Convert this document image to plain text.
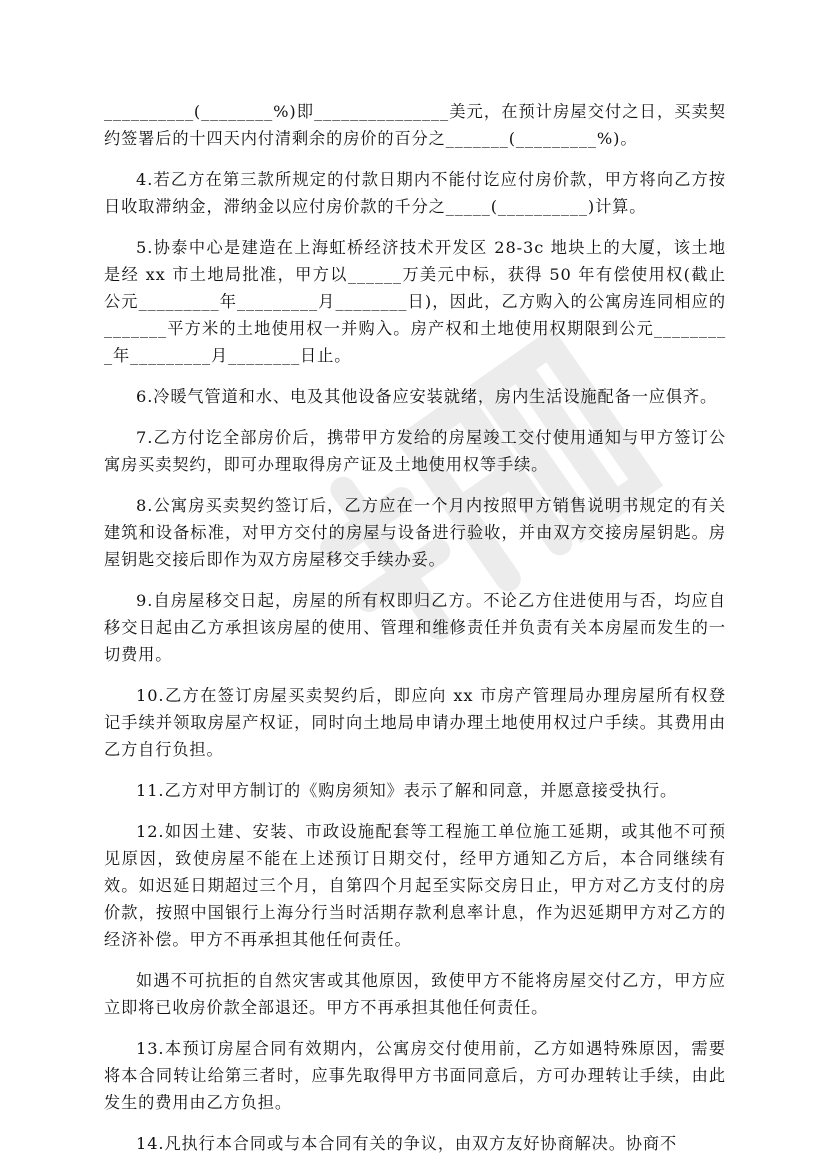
__________(________%)即_______________美元，在预计房屋交付之日，买卖契约签署后的十四天内付清剩余的房价的百分之_______(_________%)。

4.若乙方在第三款所规定的付款日期内不能付讫应付房价款，甲方将向乙方按日收取滞纳金，滞纳金以应付房价款的千分之_____(__________)计算。

5.协泰中心是建造在上海虹桥经济技术开发区 28-3c 地块上的大厦，该土地是经 xx 市土地局批准，甲方以______万美元中标，获得 50 年有偿使用权(截止公元_________年_________月________日)，因此，乙方购入的公寓房连同相应的_______平方米的土地使用权一并购入。房产权和土地使用权期限到公元_________年_________月________日止。

6.冷暖气管道和水、电及其他设备应安装就绪，房内生活设施配备一应俱齐。

7.乙方付讫全部房价后，携带甲方发给的房屋竣工交付使用通知与甲方签订公寓房买卖契约，即可办理取得房产证及土地使用权等手续。

8.公寓房买卖契约签订后，乙方应在一个月内按照甲方销售说明书规定的有关建筑和设备标准，对甲方交付的房屋与设备进行验收，并由双方交接房屋钥匙。房屋钥匙交接后即作为双方房屋移交手续办妥。

9.自房屋移交日起，房屋的所有权即归乙方。不论乙方住进使用与否，均应自移交日起由乙方承担该房屋的使用、管理和维修责任并负责有关本房屋而发生的一切费用。

10.乙方在签订房屋买卖契约后，即应向 xx 市房产管理局办理房屋所有权登记手续并领取房屋产权证，同时向土地局申请办理土地使用权过户手续。其费用由乙方自行负担。

11.乙方对甲方制订的《购房须知》表示了解和同意，并愿意接受执行。

12.如因土建、安装、市政设施配套等工程施工单位施工延期，或其他不可预见原因，致使房屋不能在上述预订日期交付，经甲方通知乙方后，本合同继续有效。如迟延日期超过三个月，自第四个月起至实际交房日止，甲方对乙方支付的房价款，按照中国银行上海分行当时活期存款利息率计息，作为迟延期甲方对乙方的经济补偿。甲方不再承担其他任何责任。

如遇不可抗拒的自然灾害或其他原因，致使甲方不能将房屋交付乙方，甲方应立即将已收房价款全部退还。甲方不再承担其他任何责任。

13.本预订房屋合同有效期内，公寓房交付使用前，乙方如遇特殊原因，需要将本合同转让给第三者时，应事先取得甲方书面同意后，方可办理转让手续，由此发生的费用由乙方负担。

14.凡执行本合同或与本合同有关的争议，由双方友好协商解决。协商不
